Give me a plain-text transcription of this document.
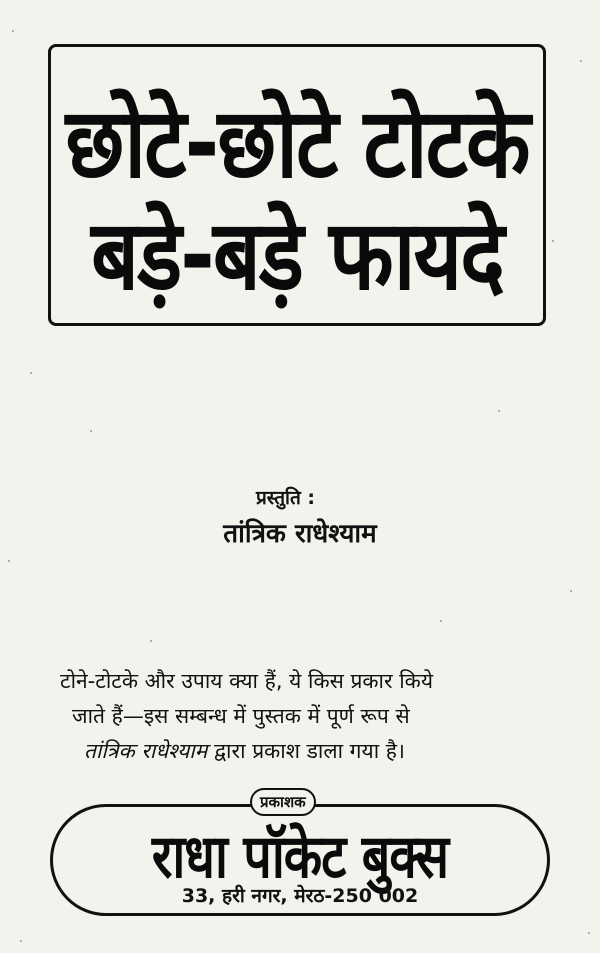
छोटे-छोटे टोटके
बड़े-बड़े फायदे
प्रस्तुति :
तांत्रिक राधेश्याम
टोने-टोटके और उपाय क्या हैं, ये किस प्रकार किये
जाते हैं—इस सम्बन्ध में पुस्तक में पूर्ण रूप से
तांत्रिक राधेश्याम द्वारा प्रकाश डाला गया है।
प्रकाशक
राधा पॉकेट बुक्स
33, हरी नगर, मेरठ-250 002
